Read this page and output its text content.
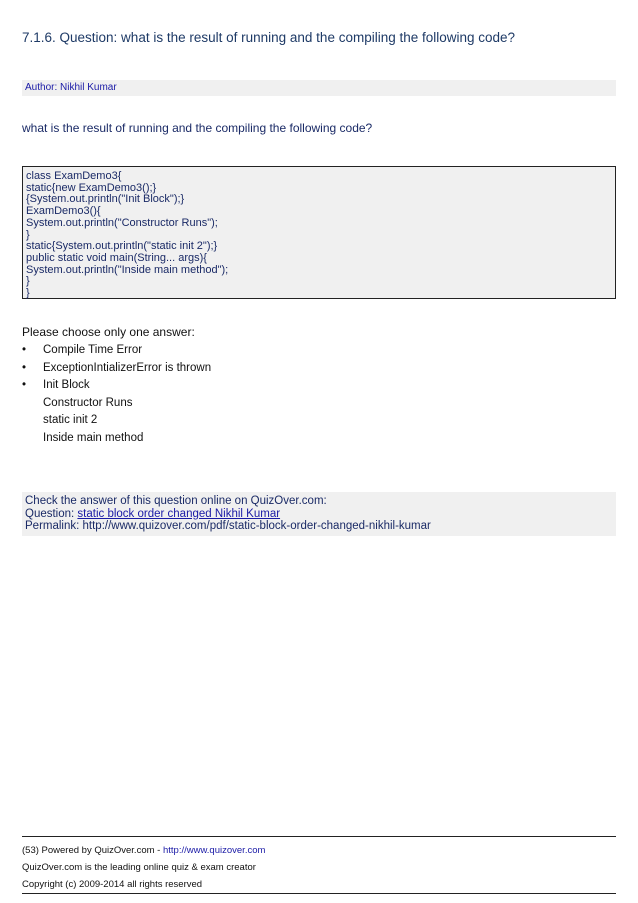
7.1.6. Question: what is the result of running and the compiling the following code?
Author: Nikhil Kumar
what is the result of running and the compiling the following code?
class ExamDemo3{
static{new ExamDemo3();}
{System.out.println("Init Block");}
ExamDemo3(){
System.out.println("Constructor Runs");
}
static{System.out.println("static init 2");}
public static void main(String... args){
System.out.println("Inside main method");
}
}
Please choose only one answer:
• Compile Time Error
• ExceptionIntializerError is thrown
• Init Block
Constructor Runs
static init 2
Inside main method
Check the answer of this question online on QuizOver.com:
Question: static block order changed Nikhil Kumar
Permalink: http://www.quizover.com/pdf/static-block-order-changed-nikhil-kumar
(53) Powered by QuizOver.com - http://www.quizover.com
QuizOver.com is the leading online quiz & exam creator
Copyright (c) 2009-2014 all rights reserved
